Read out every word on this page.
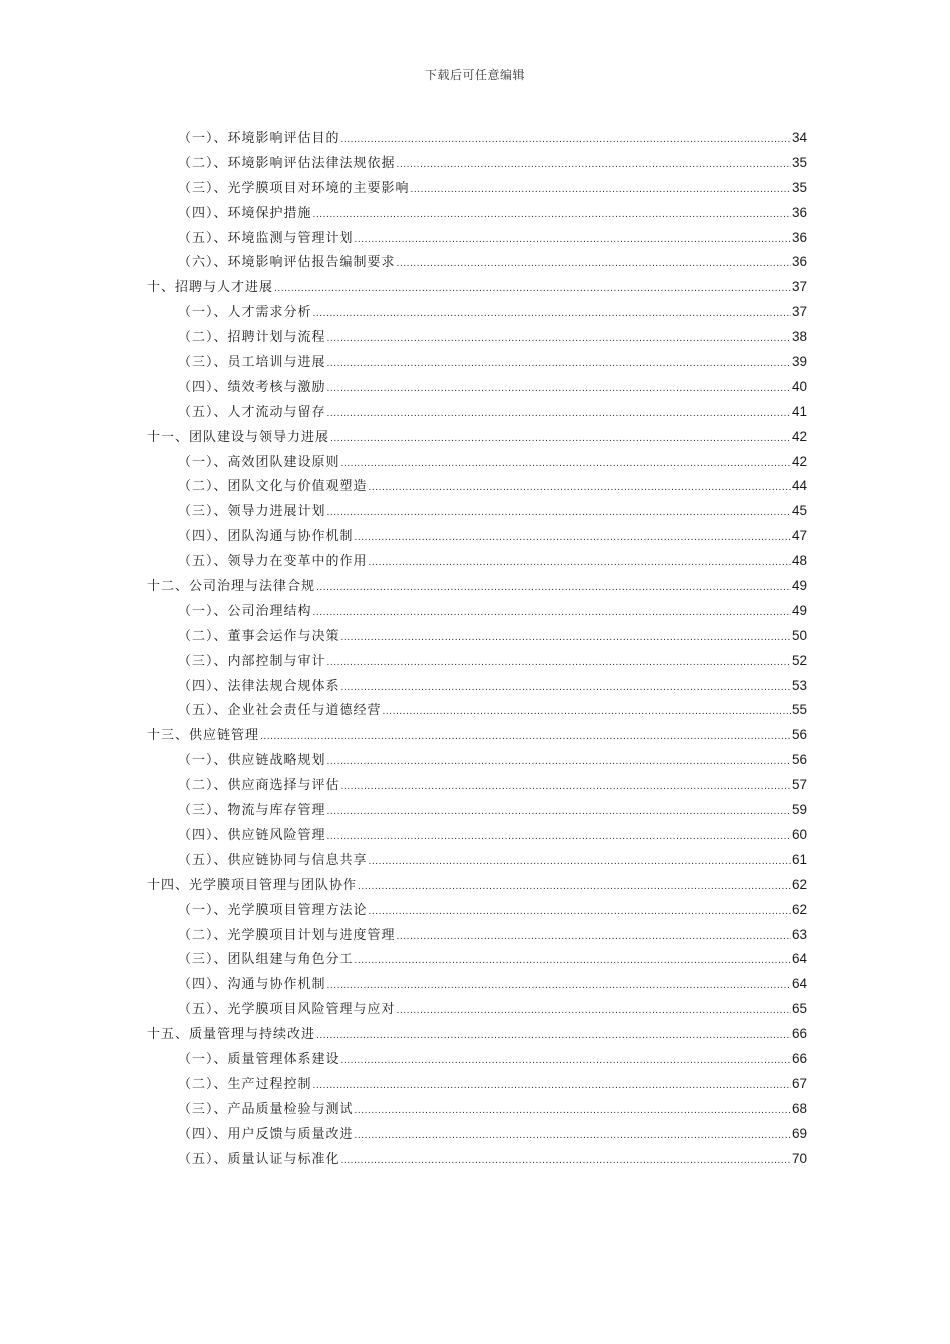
下载后可任意编辑
（一）、环境影响评估目的 .....	34
（二）、环境影响评估法律法规依据 .....	35
（三）、光学膜项目对环境的主要影响 .....	35
（四）、环境保护措施 .....	36
（五）、环境监测与管理计划 .....	36
（六）、环境影响评估报告编制要求 .....	36
十、招聘与人才进展 .....	37
（一）、人才需求分析 .....	37
（二）、招聘计划与流程 .....	38
（三）、员工培训与进展 .....	39
（四）、绩效考核与激励 .....	40
（五）、人才流动与留存 .....	41
十一、团队建设与领导力进展 .....	42
（一）、高效团队建设原则 .....	42
（二）、团队文化与价值观塑造 .....	44
（三）、领导力进展计划 .....	45
（四）、团队沟通与协作机制 .....	47
（五）、领导力在变革中的作用 .....	48
十二、公司治理与法律合规 .....	49
（一）、公司治理结构 .....	49
（二）、董事会运作与决策 .....	50
（三）、内部控制与审计 .....	52
（四）、法律法规合规体系 .....	53
（五）、企业社会责任与道德经营 .....	55
十三、供应链管理 .....	56
（一）、供应链战略规划 .....	56
（二）、供应商选择与评估 .....	57
（三）、物流与库存管理 .....	59
（四）、供应链风险管理 .....	60
（五）、供应链协同与信息共享 .....	61
十四、光学膜项目管理与团队协作 .....	62
（一）、光学膜项目管理方法论 .....	62
（二）、光学膜项目计划与进度管理 .....	63
（三）、团队组建与角色分工 .....	64
（四）、沟通与协作机制 .....	64
（五）、光学膜项目风险管理与应对 .....	65
十五、质量管理与持续改进 .....	66
（一）、质量管理体系建设 .....	66
（二）、生产过程控制 .....	67
（三）、产品质量检验与测试 .....	68
（四）、用户反馈与质量改进 .....	69
（五）、质量认证与标准化 .....	70
